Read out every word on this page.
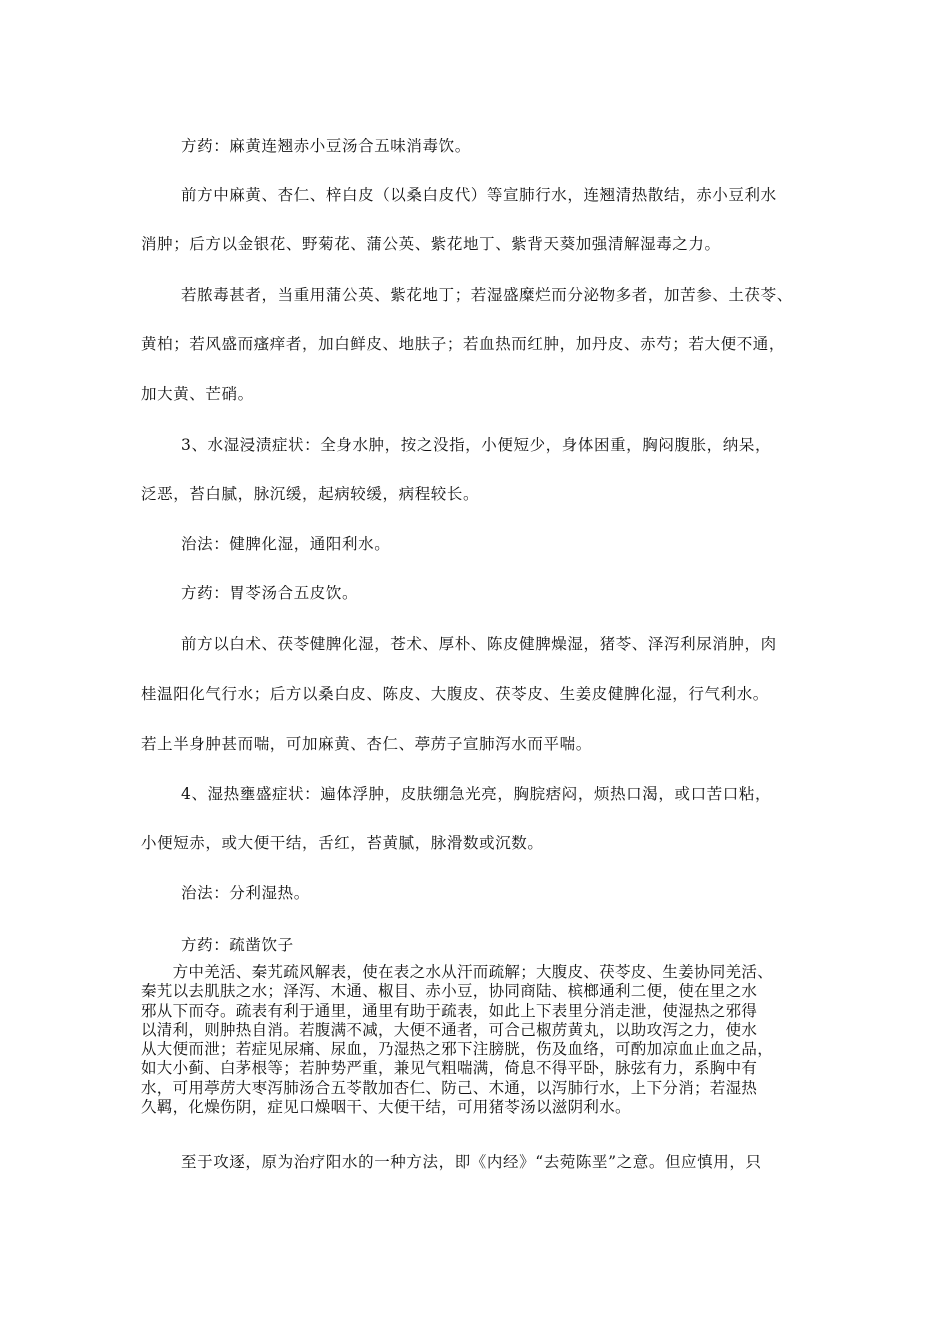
方药：麻黄连翘赤小豆汤合五味消毒饮。
前方中麻黄、杏仁、梓白皮（以桑白皮代）等宣肺行水，连翘清热散结，赤小豆利水
消肿；后方以金银花、野菊花、蒲公英、紫花地丁、紫背天葵加强清解湿毒之力。
若脓毒甚者，当重用蒲公英、紫花地丁；若湿盛糜烂而分泌物多者，加苦参、土茯苓、
黄柏；若风盛而瘙痒者，加白鲜皮、地肤子；若血热而红肿，加丹皮、赤芍；若大便不通，
加大黄、芒硝。
3、水湿浸渍症状：全身水肿，按之没指，小便短少，身体困重，胸闷腹胀，纳呆，
泛恶，苔白腻，脉沉缓，起病较缓，病程较长。
治法：健脾化湿，通阳利水。
方药：胃苓汤合五皮饮。
前方以白术、茯苓健脾化湿，苍术、厚朴、陈皮健脾燥湿，猪苓、泽泻利尿消肿，肉
桂温阳化气行水；后方以桑白皮、陈皮、大腹皮、茯苓皮、生姜皮健脾化湿，行气利水。
若上半身肿甚而喘，可加麻黄、杏仁、葶苈子宣肺泻水而平喘。
4、湿热壅盛症状：遍体浮肿，皮肤绷急光亮，胸脘痞闷，烦热口渴，或口苦口粘，
小便短赤，或大便干结，舌红，苔黄腻，脉滑数或沉数。
治法：分利湿热。
方药：疏凿饮子
　　方中羌活、秦艽疏风解表，使在表之水从汗而疏解；大腹皮、茯苓皮、生姜协同羌活、
秦艽以去肌肤之水；泽泻、木通、椒目、赤小豆，协同商陆、槟榔通利二便，使在里之水
邪从下而夺。疏表有利于通里，通里有助于疏表，如此上下表里分消走泄，使湿热之邪得
以清利，则肿热自消。若腹满不减，大便不通者，可合己椒苈黄丸，以助攻泻之力，使水
从大便而泄；若症见尿痛、尿血，乃湿热之邪下注膀胱，伤及血络，可酌加凉血止血之品，
如大小蓟、白茅根等；若肿势严重，兼见气粗喘满，倚息不得平卧，脉弦有力，系胸中有
水，可用葶苈大枣泻肺汤合五苓散加杏仁、防己、木通，以泻肺行水，上下分消；若湿热
久羁，化燥伤阴，症见口燥咽干、大便干结，可用猪苓汤以滋阴利水。
至于攻逐，原为治疗阳水的一种方法，即《内经》“去菀陈垩”之意。但应慎用，只
